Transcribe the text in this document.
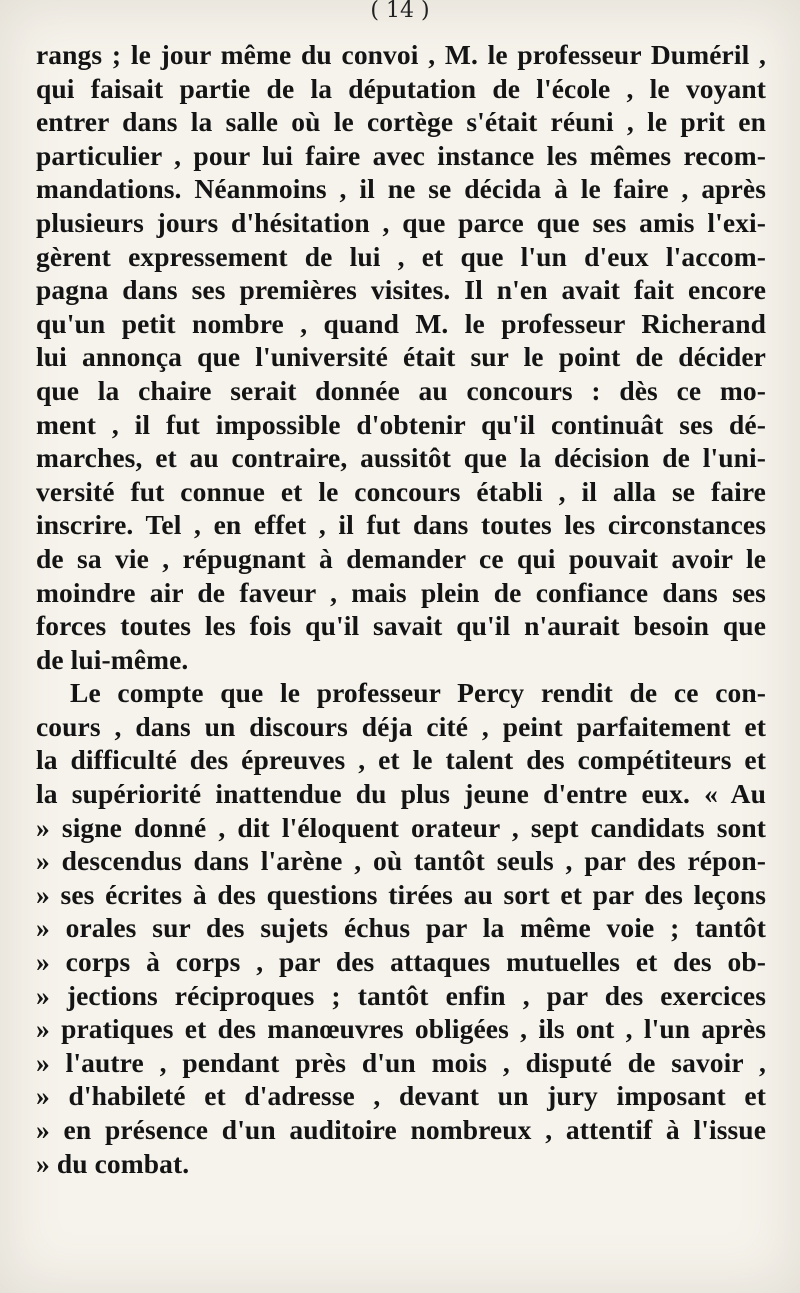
( 14 )
rangs ; le jour même du convoi , M. le professeur Duméril ,
qui faisait partie de la députation de l'école , le voyant
entrer dans la salle où le cortège s'était réuni , le prit en
particulier , pour lui faire avec instance les mêmes recom-
mandations. Néanmoins , il ne se décida à le faire , après
plusieurs jours d'hésitation , que parce que ses amis l'exi-
gèrent expressement de lui , et que l'un d'eux l'accom-
pagna dans ses premières visites. Il n'en avait fait encore
qu'un petit nombre , quand M. le professeur Richerand
lui annonça que l'université était sur le point de décider
que la chaire serait donnée au concours : dès ce mo-
ment , il fut impossible d'obtenir qu'il continuât ses dé-
marches, et au contraire, aussitôt que la décision de l'uni-
versité fut connue et le concours établi , il alla se faire
inscrire. Tel , en effet , il fut dans toutes les circonstances
de sa vie , répugnant à demander ce qui pouvait avoir le
moindre air de faveur , mais plein de confiance dans ses
forces toutes les fois qu'il savait qu'il n'aurait besoin que
de lui-même.
Le compte que le professeur Percy rendit de ce con-
cours , dans un discours déja cité , peint parfaitement et
la difficulté des épreuves , et le talent des compétiteurs et
la supériorité inattendue du plus jeune d'entre eux. « Au
» signe donné , dit l'éloquent orateur , sept candidats sont
» descendus dans l'arène , où tantôt seuls , par des répon-
» ses écrites à des questions tirées au sort et par des leçons
» orales sur des sujets échus par la même voie ; tantôt
» corps à corps , par des attaques mutuelles et des ob-
» jections réciproques ; tantôt enfin , par des exercices
» pratiques et des manœuvres obligées , ils ont , l'un après
» l'autre , pendant près d'un mois , disputé de savoir ,
» d'habileté et d'adresse , devant un jury imposant et
» en présence d'un auditoire nombreux , attentif à l'issue
» du combat.
